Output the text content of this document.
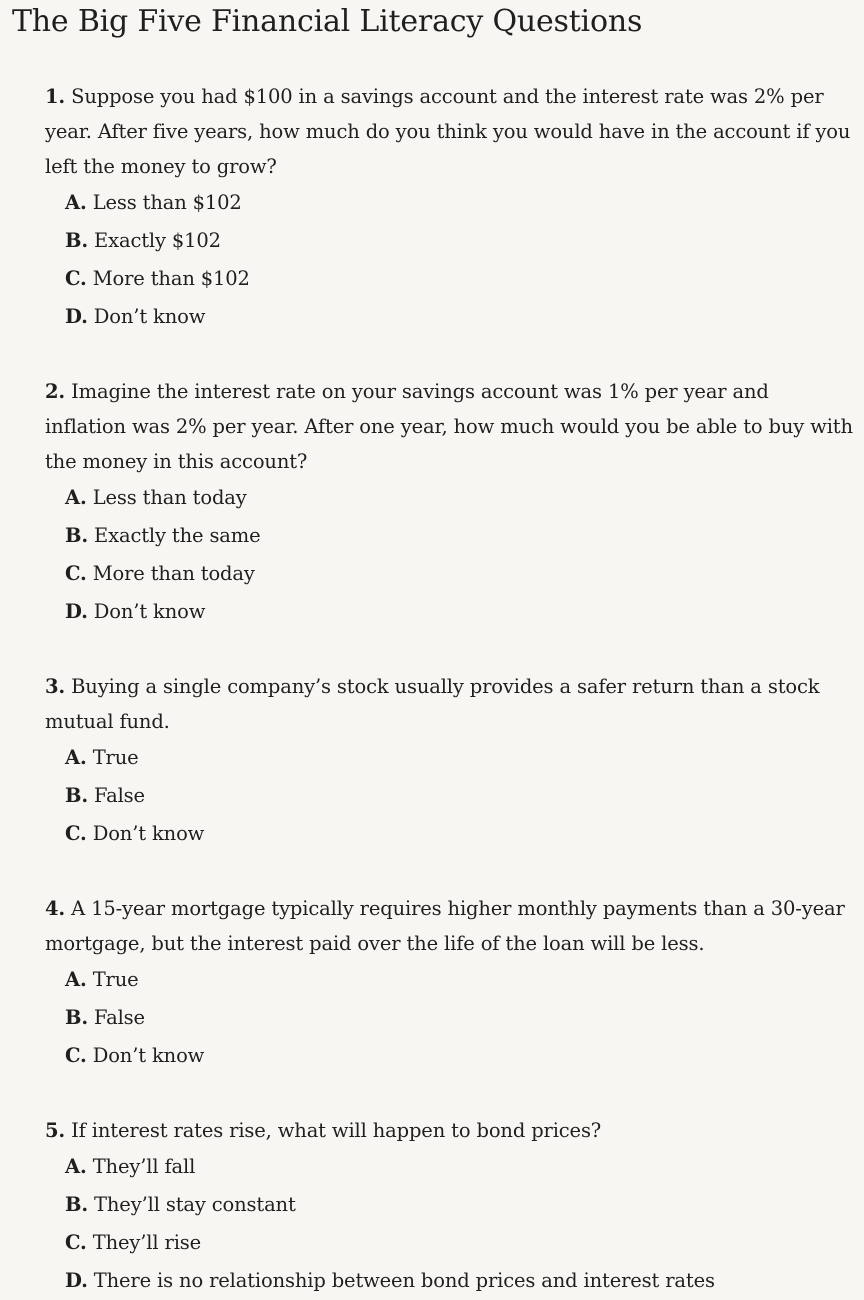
The Big Five Financial Literacy Questions

1. Suppose you had $100 in a savings account and the interest rate was 2% per year. After five years, how much do you think you would have in the account if you left the money to grow?

A. Less than $102
B. Exactly $102
C. More than $102
D. Don’t know

2. Imagine the interest rate on your savings account was 1% per year and inflation was 2% per year. After one year, how much would you be able to buy with the money in this account?

A. Less than today
B. Exactly the same
C. More than today
D. Don’t know

3. Buying a single company’s stock usually provides a safer return than a stock mutual fund.

A. True
B. False
C. Don’t know

4. A 15-year mortgage typically requires higher monthly payments than a 30-year mortgage, but the interest paid over the life of the loan will be less.

A. True
B. False
C. Don’t know

5. If interest rates rise, what will happen to bond prices?

A. They’ll fall
B. They’ll stay constant
C. They’ll rise
D. There is no relationship between bond prices and interest rates
